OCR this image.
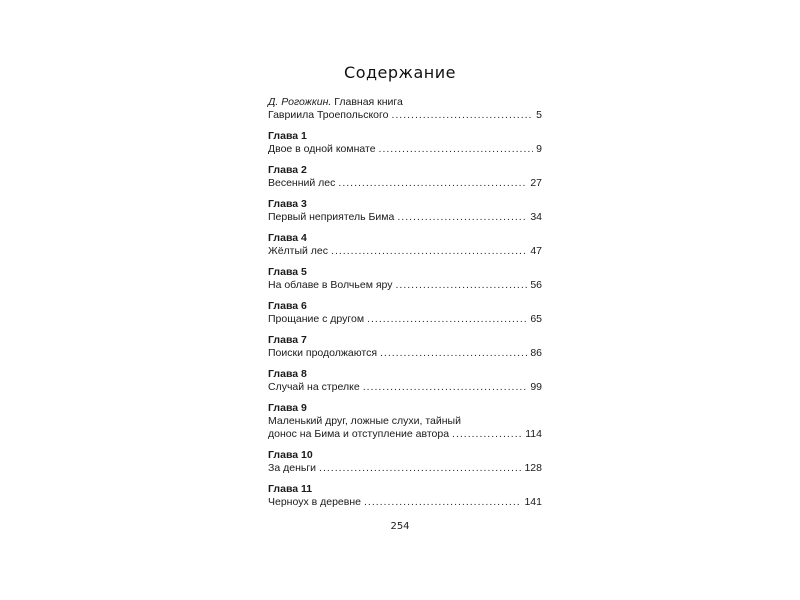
Содержание
Д. Рогожкин. Главная книга
Гавриила Троепольского .....	5
Глава 1
Двое в одной комнате .....	9
Глава 2
Весенний лес .....	27
Глава 3
Первый неприятель Бима .....	34
Глава 4
Жёлтый лес .....	47
Глава 5
На облаве в Волчьем яру .....	56
Глава 6
Прощание с другом .....	65
Глава 7
Поиски продолжаются .....	86
Глава 8
Случай на стрелке .....	99
Глава 9
Маленький друг, ложные слухи, тайный
донос на Бима и отступление автора .....	114
Глава 10
За деньги .....	128
Глава 11
Черноух в деревне .....	141
254
